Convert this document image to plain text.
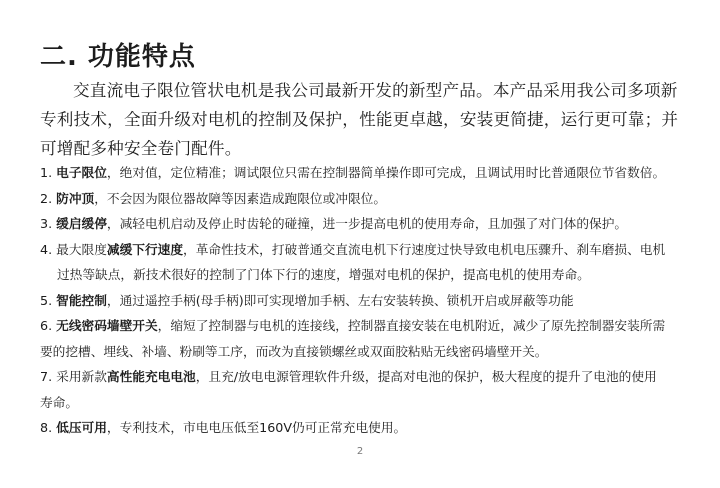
二. 功能特点
交直流电子限位管状电机是我公司最新开发的新型产品。本产品采用我公司多项新专利技术，全面升级对电机的控制及保护，性能更卓越，安装更简捷，运行更可靠；并可增配多种安全卷门配件。
1. 电子限位，绝对值，定位精准；调试限位只需在控制器简单操作即可完成，且调试用时比普通限位节省数倍。
2. 防冲顶，不会因为限位器故障等因素造成跑限位或冲限位。
3. 缓启缓停，减轻电机启动及停止时齿轮的碰撞，进一步提高电机的使用寿命，且加强了对门体的保护。
4. 最大限度减缓下行速度，革命性技术，打破普通交直流电机下行速度过快导致电机电压骤升、刹车磨损、电机
过热等缺点，新技术很好的控制了门体下行的速度，增强对电机的保护，提高电机的使用寿命。
5. 智能控制，通过遥控手柄(母手柄)即可实现增加手柄、左右安装转换、锁机开启或屏蔽等功能
6. 无线密码墙壁开关，缩短了控制器与电机的连接线，控制器直接安装在电机附近，减少了原先控制器安装所需
要的挖槽、埋线、补墙、粉刷等工序，而改为直接锁螺丝或双面胶粘贴无线密码墙壁开关。
7. 采用新款高性能充电电池，且充/放电电源管理软件升级，提高对电池的保护，极大程度的提升了电池的使用
寿命。
8. 低压可用，专利技术，市电电压低至160V仍可正常充电使用。
2
